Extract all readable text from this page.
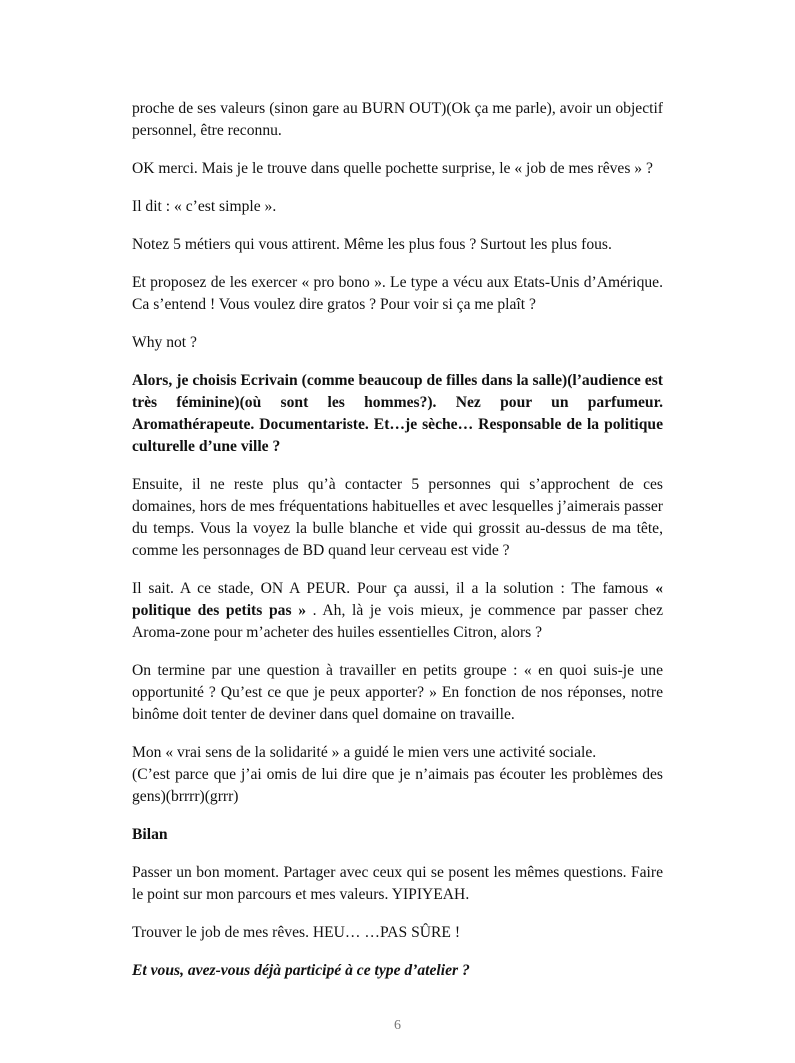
proche de ses valeurs (sinon gare au BURN OUT)(Ok ça me parle), avoir un objectif personnel, être reconnu.

OK merci. Mais je le trouve dans quelle pochette surprise, le « job de mes rêves » ?

Il dit : « c’est simple ».

Notez 5 métiers qui vous attirent. Même les plus fous ? Surtout les plus fous.

Et proposez de les exercer « pro bono ». Le type a vécu aux Etats-Unis d’Amérique. Ca s’entend ! Vous voulez dire gratos ? Pour voir si ça me plaît ?

Why not ?

Alors, je choisis Ecrivain (comme beaucoup de filles dans la salle)(l’audience est très féminine)(où sont les hommes?). Nez pour un parfumeur. Aromathérapeute. Documentariste. Et…je sèche… Responsable de la politique culturelle d’une ville ?

Ensuite, il ne reste plus qu’à contacter 5 personnes qui s’approchent de ces domaines, hors de mes fréquentations habituelles et avec lesquelles j’aimerais passer du temps. Vous la voyez la bulle blanche et vide qui grossit au-dessus de ma tête, comme les personnages de BD quand leur cerveau est vide ?

Il sait. A ce stade, ON A PEUR. Pour ça aussi, il a la solution : The famous « politique des petits pas » . Ah, là je vois mieux, je commence par passer chez Aroma-zone pour m’acheter des huiles essentielles Citron, alors ?

On termine par une question à travailler en petits groupe : « en quoi suis-je une opportunité ? Qu’est ce que je peux apporter? » En fonction de nos réponses, notre binôme doit tenter de deviner dans quel domaine on travaille.

Mon « vrai sens de la solidarité » a guidé le mien vers une activité sociale.
(C’est parce que j’ai omis de lui dire que je n’aimais pas écouter les problèmes des gens)(brrrr)(grrr)

Bilan

Passer un bon moment. Partager avec ceux qui se posent les mêmes questions. Faire le point sur mon parcours et mes valeurs. YIPIYEAH.

Trouver le job de mes rêves. HEU… …PAS SÛRE !

Et vous, avez-vous déjà participé à ce type d’atelier ?

6
